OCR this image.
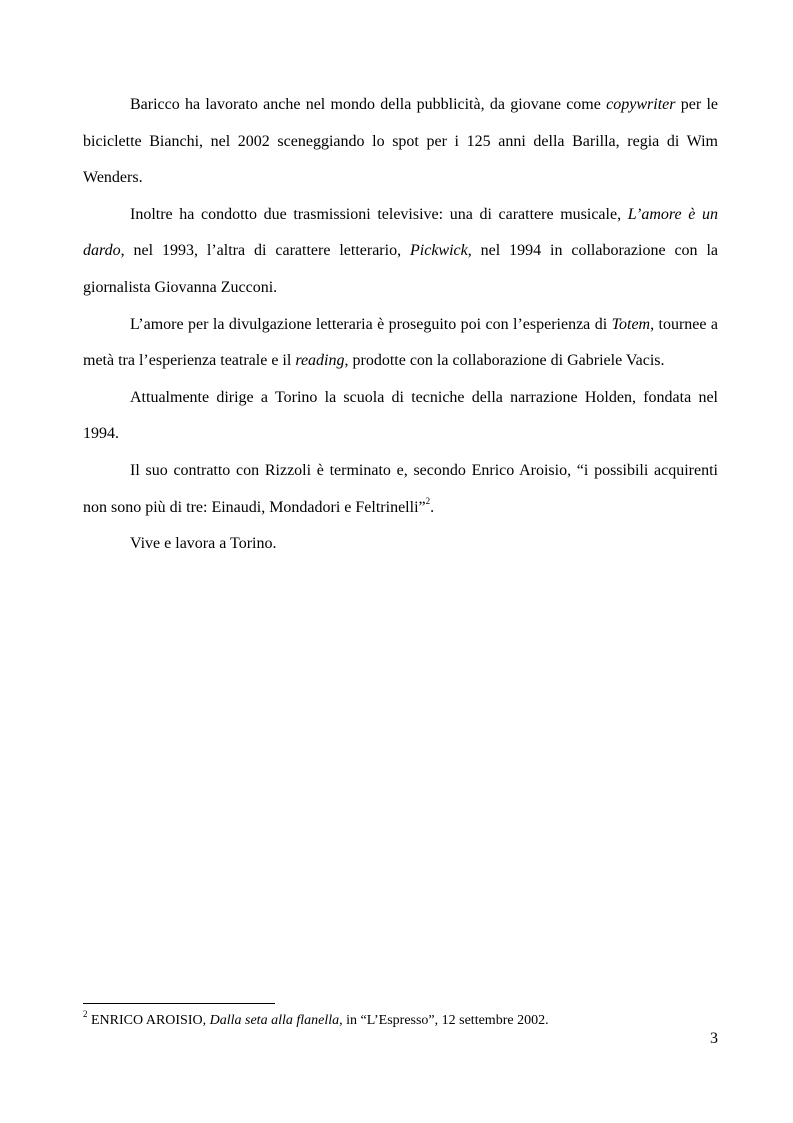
Baricco ha lavorato anche nel mondo della pubblicità, da giovane come copywriter per le biciclette Bianchi, nel 2002 sceneggiando lo spot per i 125 anni della Barilla, regia di Wim Wenders.

Inoltre ha condotto due trasmissioni televisive: una di carattere musicale, L’amore è un dardo, nel 1993, l’altra di carattere letterario, Pickwick, nel 1994 in collaborazione con la giornalista Giovanna Zucconi.

L’amore per la divulgazione letteraria è proseguito poi con l’esperienza di Totem, tournee a metà tra l’esperienza teatrale e il reading, prodotte con la collaborazione di Gabriele Vacis.

Attualmente dirige a Torino la scuola di tecniche della narrazione Holden, fondata nel 1994.

Il suo contratto con Rizzoli è terminato e, secondo Enrico Aroisio, “i possibili acquirenti non sono più di tre: Einaudi, Mondadori e Feltrinelli”$^2$.

Vive e lavora a Torino.

$^2$ ENRICO AROISIO, Dalla seta alla flanella, in “L’Espresso”, 12 settembre 2002.
3
